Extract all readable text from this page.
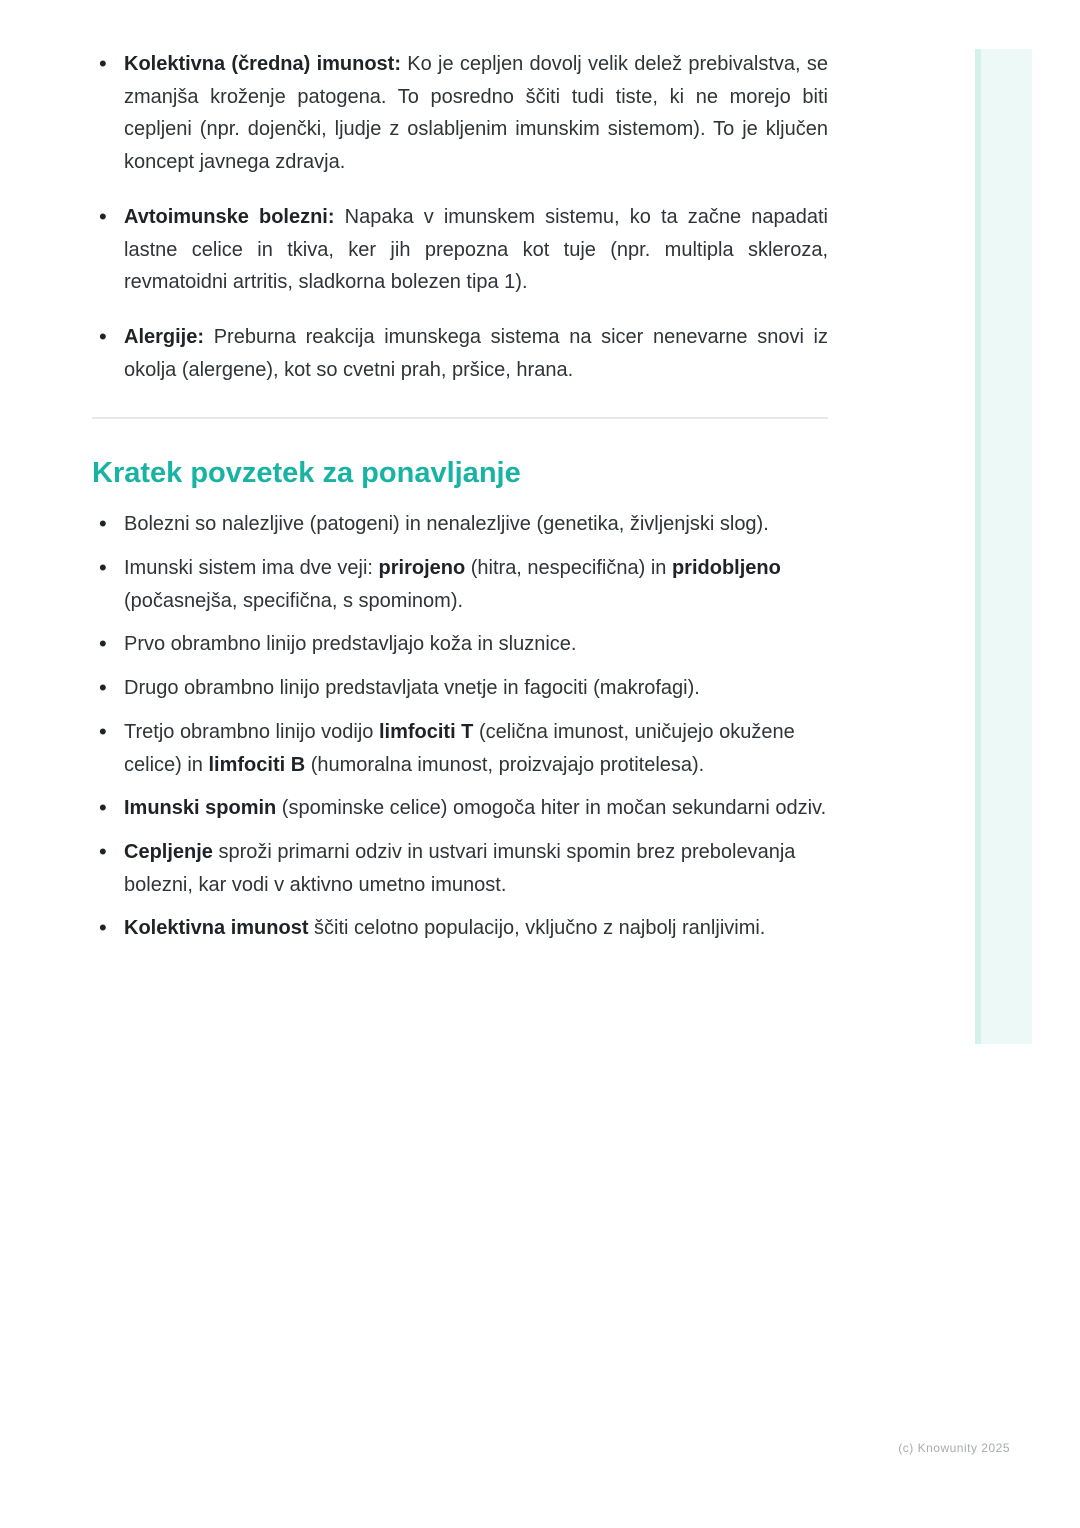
• Kolektivna (čredna) imunost: Ko je cepljen dovolj velik delež prebivalstva, se zmanjša kroženje patogena. To posredno ščiti tudi tiste, ki ne morejo biti cepljeni (npr. dojenčki, ljudje z oslabljenim imunskim sistemom). To je ključen koncept javnega zdravja.
• Avtoimunske bolezni: Napaka v imunskem sistemu, ko ta začne napadati lastne celice in tkiva, ker jih prepozna kot tuje (npr. multipla skleroza, revmatoidni artritis, sladkorna bolezen tipa 1).
• Alergije: Preburna reakcija imunskega sistema na sicer nenevarne snovi iz okolja (alergene), kot so cvetni prah, pršice, hrana.
Kratek povzetek za ponavljanje
• Bolezni so nalezljive (patogeni) in nenalezljive (genetika, življenjski slog).
• Imunski sistem ima dve veji: prirojeno (hitra, nespecifična) in pridobljeno (počasnejša, specifična, s spominom).
• Prvo obrambno linijo predstavljajo koža in sluznice.
• Drugo obrambno linijo predstavljata vnetje in fagociti (makrofagi).
• Tretjo obrambno linijo vodijo limfociti T (celična imunost, uničujejo okužene celice) in limfociti B (humoralna imunost, proizvajajo protitelesa).
• Imunski spomin (spominske celice) omogoča hiter in močan sekundarni odziv.
• Cepljenje sproži primarni odziv in ustvari imunski spomin brez prebolevanja bolezni, kar vodi v aktivno umetno imunost.
• Kolektivna imunost ščiti celotno populacijo, vključno z najbolj ranljivimi.
(c) Knowunity 2025
